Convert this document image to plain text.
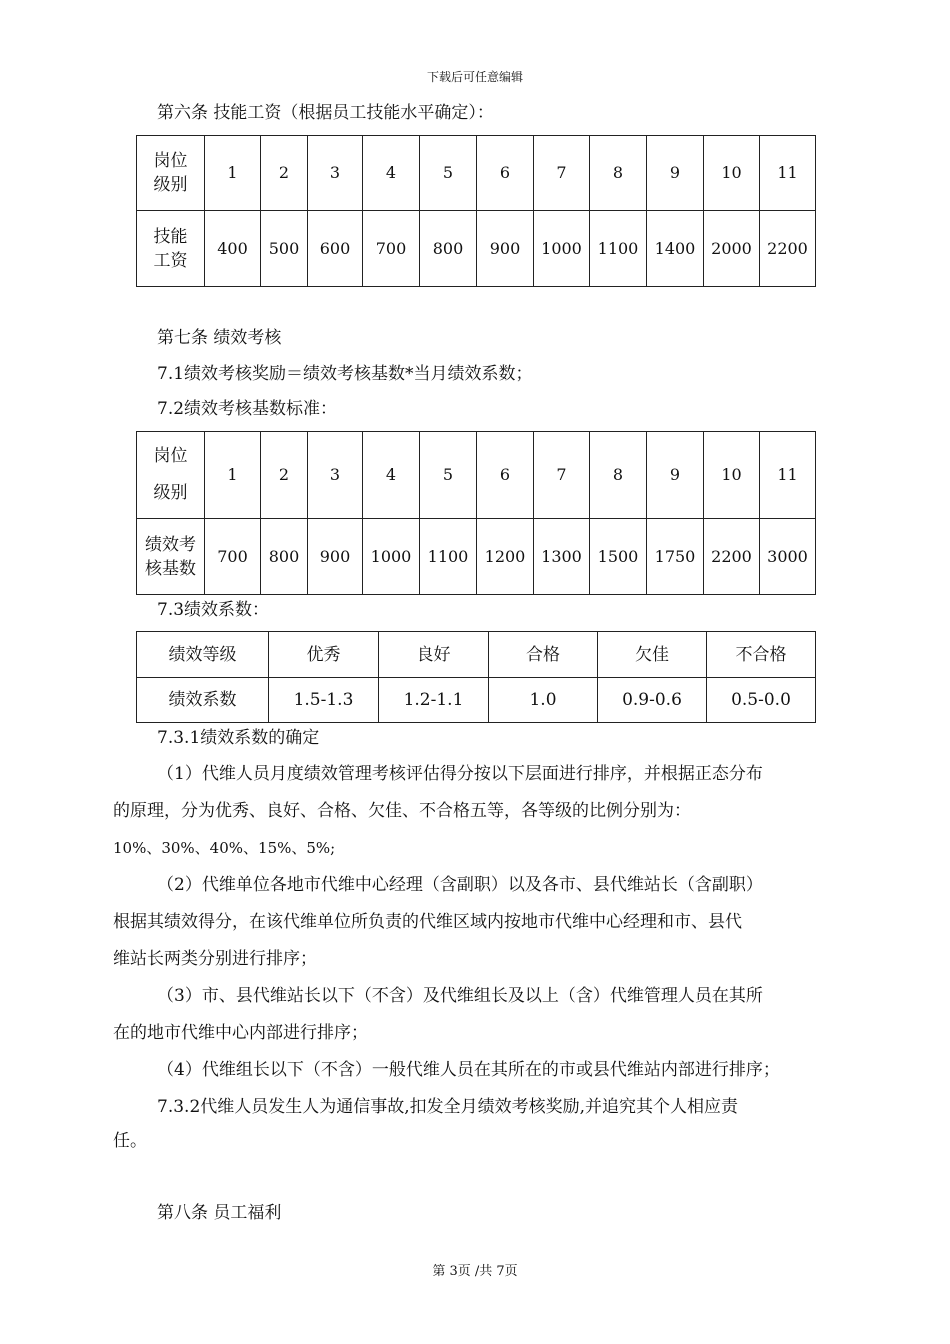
下载后可任意编辑
第六条 技能工资（根据员工技能水平确定）：
岗位
级别	1	2	3	4	5	6	7	8	9	10	11
技能
工资	400	500	600	700	800	900	1000	1100	1400	2000	2200
第七条 绩效考核
7.1绩效考核奖励＝绩效考核基数*当月绩效系数；
7.2绩效考核基数标准：
岗位
级别	1	2	3	4	5	6	7	8	9	10	11
绩效考
核基数	700	800	900	1000	1100	1200	1300	1500	1750	2200	3000
7.3绩效系数：
绩效等级	优秀	良好	合格	欠佳	不合格
绩效系数	1.5-1.3	1.2-1.1	1.0	0.9-0.6	0.5-0.0
7.3.1绩效系数的确定
（1）代维人员月度绩效管理考核评估得分按以下层面进行排序，并根据正态分布
的原理，分为优秀、良好、合格、欠佳、不合格五等，各等级的比例分别为：
10%、30%、40%、15%、5%;
（2）代维单位各地市代维中心经理（含副职）以及各市、县代维站长（含副职）
根据其绩效得分，在该代维单位所负责的代维区域内按地市代维中心经理和市、县代
维站长两类分别进行排序；
（3）市、县代维站长以下（不含）及代维组长及以上（含）代维管理人员在其所
在的地市代维中心内部进行排序；
（4）代维组长以下（不含）一般代维人员在其所在的市或县代维站内部进行排序；
7.3.2代维人员发生人为通信事故,扣发全月绩效考核奖励,并追究其个人相应责
任。
第八条 员工福利
第 3页 /共 7页
